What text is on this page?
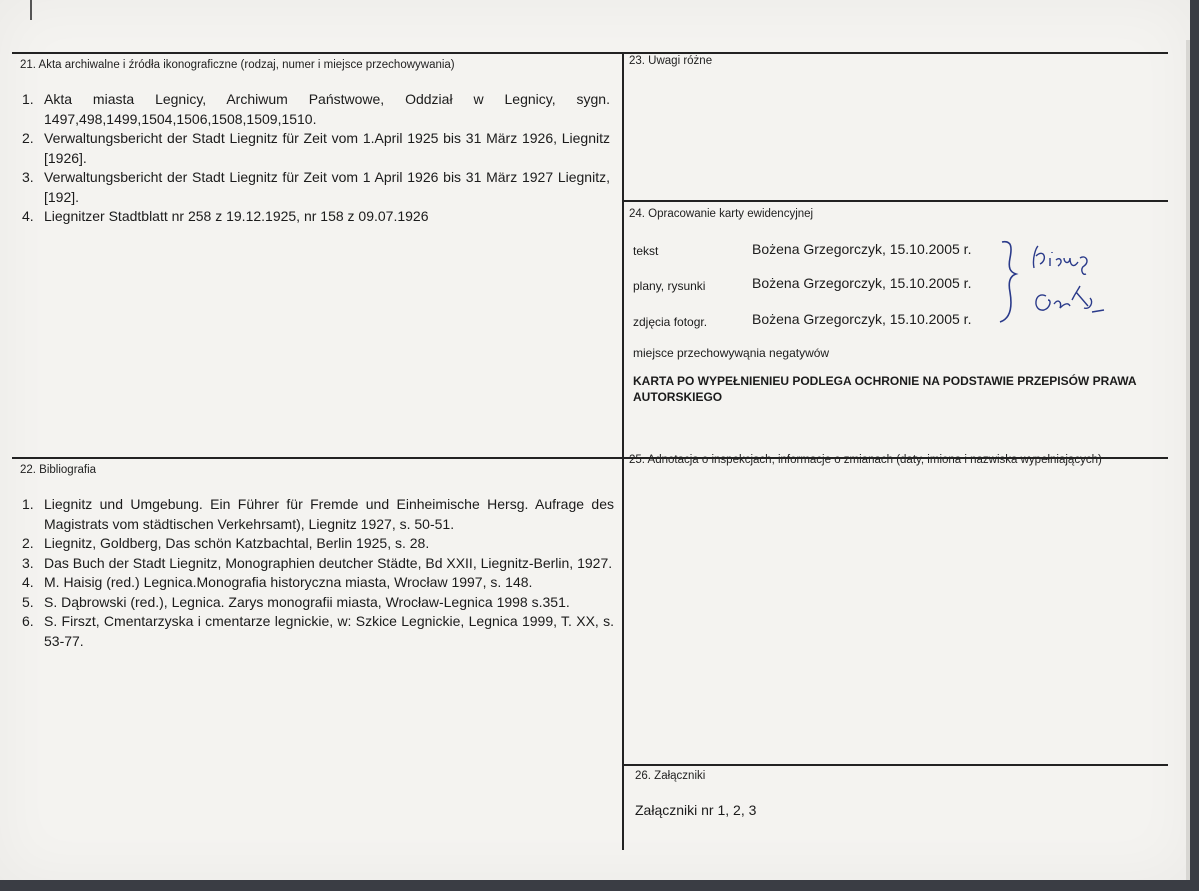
21. Akta archiwalne i źródła ikonograficzne (rodzaj, numer i miejsce przechowywania)
1. Akta miasta Legnicy, Archiwum Państwowe, Oddział w Legnicy, sygn. 1497,498,1499,1504,1506,1508,1509,1510.
2. Verwaltungsbericht der Stadt Liegnitz für Zeit vom 1.April 1925 bis 31 März 1926, Liegnitz [1926].
3. Verwaltungsbericht der Stadt Liegnitz für Zeit vom 1 April 1926 bis 31 März 1927 Liegnitz, [192].
4. Liegnitzer Stadtblatt nr 258 z 19.12.1925, nr 158 z 09.07.1926
23. Uwagi różne
24. Opracowanie karty ewidencyjnej
tekst	Bożena Grzegorczyk, 15.10.2005 r.
plany, rysunki	Bożena Grzegorczyk, 15.10.2005 r.
zdjęcia fotogr.	Bożena Grzegorczyk, 15.10.2005 r.
miejsce przechowywąnia negatywów
KARTA PO WYPEŁNIENIEU PODLEGA OCHRONIE NA PODSTAWIE PRZEPISÓW PRAWA AUTORSKIEGO
22. Bibliografia
1. Liegnitz und Umgebung. Ein Führer für Fremde und Einheimische Hersg. Aufrage des Magistrats vom städtischen Verkehrsamt), Liegnitz 1927, s. 50-51.
2. Liegnitz, Goldberg, Das schön Katzbachtal, Berlin 1925, s. 28.
3. Das Buch der Stadt Liegnitz, Monographien deutcher Städte, Bd XXII, Liegnitz-Berlin, 1927.
4. M. Haisig (red.) Legnica.Monografia historyczna miasta, Wrocław 1997, s. 148.
5. S. Dąbrowski (red.), Legnica. Zarys monografii miasta, Wrocław-Legnica 1998 s.351.
6. S. Firszt, Cmentarzyska i cmentarze legnickie, w: Szkice Legnickie, Legnica 1999, T. XX, s. 53-77.
25. Adnotacja o inspekcjach, informacje o zmianach (daty, imiona i nazwiska wypełniających)
26. Załączniki
Załączniki nr 1, 2, 3
